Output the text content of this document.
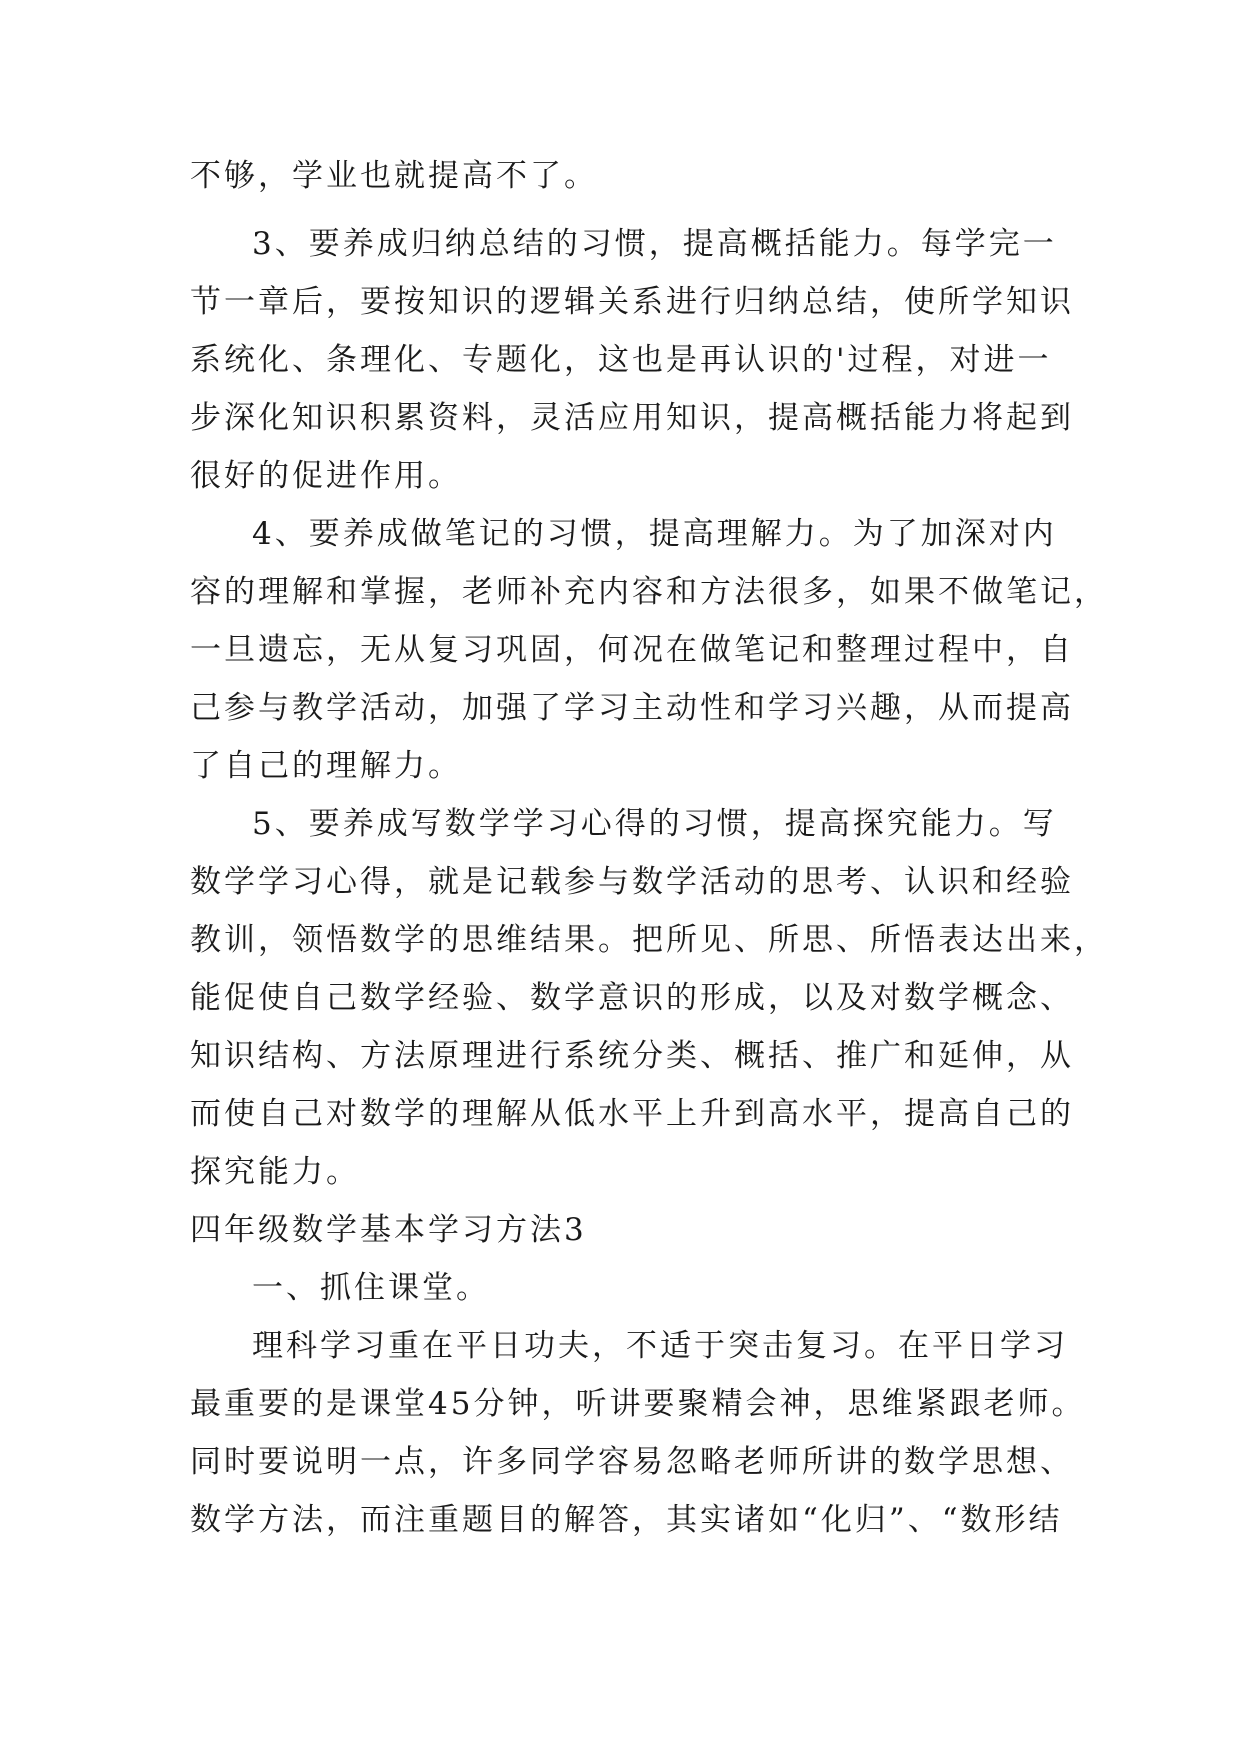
不够，学业也就提高不了。
3、要养成归纳总结的习惯，提高概括能力。每学完一
节一章后，要按知识的逻辑关系进行归纳总结，使所学知识
系统化、条理化、专题化，这也是再认识的'过程，对进一
步深化知识积累资料，灵活应用知识，提高概括能力将起到
很好的促进作用。
4、要养成做笔记的习惯，提高理解力。为了加深对内
容的理解和掌握，老师补充内容和方法很多，如果不做笔记，
一旦遗忘，无从复习巩固，何况在做笔记和整理过程中，自
己参与教学活动，加强了学习主动性和学习兴趣，从而提高
了自己的理解力。
5、要养成写数学学习心得的习惯，提高探究能力。写
数学学习心得，就是记载参与数学活动的思考、认识和经验
教训，领悟数学的思维结果。把所见、所思、所悟表达出来，
能促使自己数学经验、数学意识的形成，以及对数学概念、
知识结构、方法原理进行系统分类、概括、推广和延伸，从
而使自己对数学的理解从低水平上升到高水平，提高自己的
探究能力。
四年级数学基本学习方法3
一、抓住课堂。
理科学习重在平日功夫，不适于突击复习。在平日学习
最重要的是课堂45分钟，听讲要聚精会神，思维紧跟老师。
同时要说明一点，许多同学容易忽略老师所讲的数学思想、
数学方法，而注重题目的解答，其实诸如“化归”、“数形结
